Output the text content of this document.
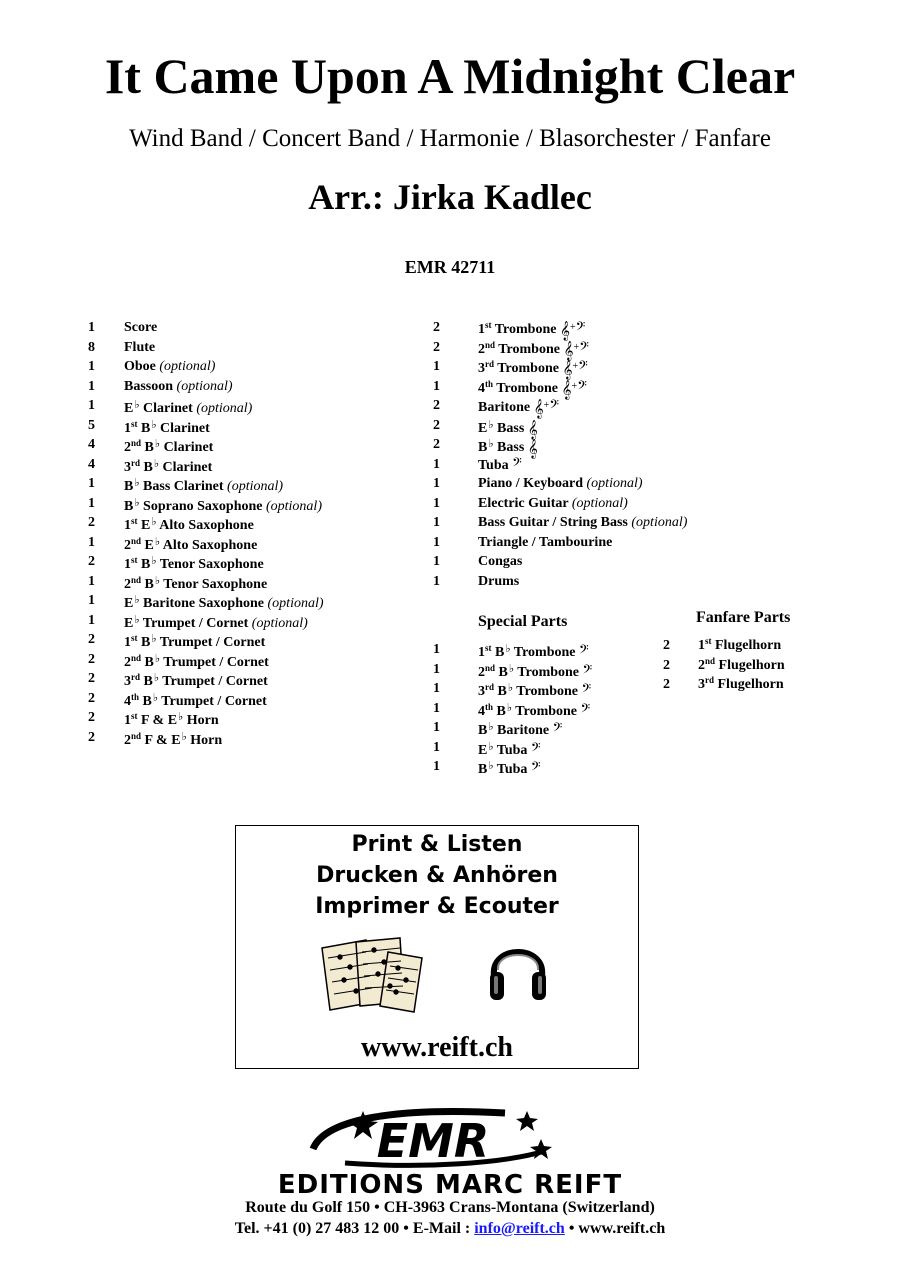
It Came Upon A Midnight Clear
Wind Band / Concert Band / Harmonie / Blasorchester / Fanfare
Arr.: Jirka Kadlec
EMR 42711
1 Score
8 Flute
1 Oboe (optional)
1 Bassoon (optional)
1 E♭ Clarinet (optional)
5 1st B♭ Clarinet
4 2nd B♭ Clarinet
4 3rd B♭ Clarinet
1 B♭ Bass Clarinet (optional)
1 B♭ Soprano Saxophone (optional)
2 1st E♭ Alto Saxophone
1 2nd E♭ Alto Saxophone
2 1st B♭ Tenor Saxophone
1 2nd B♭ Tenor Saxophone
1 E♭ Baritone Saxophone (optional)
1 E♭ Trumpet / Cornet (optional)
2 1st B♭ Trumpet / Cornet
2 2nd B♭ Trumpet / Cornet
2 3rd B♭ Trumpet / Cornet
2 4th B♭ Trumpet / Cornet
2 1st F & E♭ Horn
2 2nd F & E♭ Horn
2	1st Trombone 𝄞+𝄢
2	2nd Trombone 𝄞+𝄢
1	3rd Trombone 𝄞+𝄢
1	4th Trombone 𝄞+𝄢
2	Baritone 𝄞+𝄢
2	E♭ Bass 𝄞
2	B♭ Bass 𝄞
1	Tuba 𝄢
1	Piano / Keyboard (optional)
1	Electric Guitar (optional)
1	Bass Guitar / String Bass (optional)
1	Triangle / Tambourine
1	Congas
1	Drums
Special Parts
1	1st B♭ Trombone 𝄢
1	2nd B♭ Trombone 𝄢
1	3rd B♭ Trombone 𝄢
1	4th B♭ Trombone 𝄢
1	B♭ Baritone 𝄢
1	E♭ Tuba 𝄢
1	B♭ Tuba 𝄢
Fanfare Parts
2 1st Flugelhorn
2 2nd Flugelhorn
2 3rd Flugelhorn
Print & Listen
Drucken & Anhören
Imprimer & Ecouter
www.reift.ch
EMR
EDITIONS MARC REIFT
Route du Golf 150 • CH-3963 Crans-Montana (Switzerland)
Tel. +41 (0) 27 483 12 00 • E-Mail : info@reift.ch • www.reift.ch
